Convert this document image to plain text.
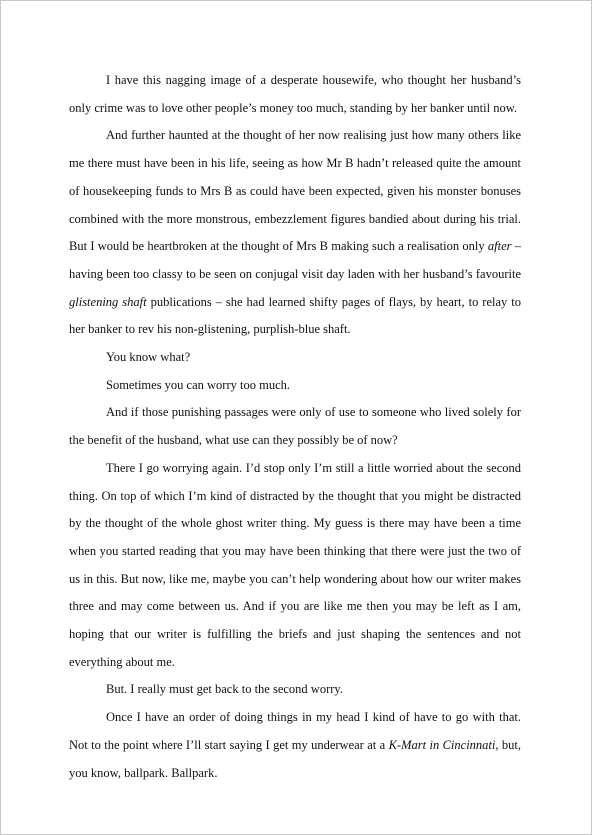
I have this nagging image of a desperate housewife, who thought her husband’s only crime was to love other people’s money too much, standing by her banker until now.

And further haunted at the thought of her now realising just how many others like me there must have been in his life, seeing as how Mr B hadn’t released quite the amount of housekeeping funds to Mrs B as could have been expected, given his monster bonuses combined with the more monstrous, embezzlement figures bandied about during his trial. But I would be heartbroken at the thought of Mrs B making such a realisation only after – having been too classy to be seen on conjugal visit day laden with her husband’s favourite glistening shaft publications – she had learned shifty pages of flays, by heart, to relay to her banker to rev his non-glistening, purplish-blue shaft.

You know what?

Sometimes you can worry too much.

And if those punishing passages were only of use to someone who lived solely for the benefit of the husband, what use can they possibly be of now?

There I go worrying again. I’d stop only I’m still a little worried about the second thing. On top of which I’m kind of distracted by the thought that you might be distracted by the thought of the whole ghost writer thing. My guess is there may have been a time when you started reading that you may have been thinking that there were just the two of us in this. But now, like me, maybe you can’t help wondering about how our writer makes three and may come between us. And if you are like me then you may be left as I am, hoping that our writer is fulfilling the briefs and just shaping the sentences and not everything about me.

But. I really must get back to the second worry.

Once I have an order of doing things in my head I kind of have to go with that. Not to the point where I’ll start saying I get my underwear at a K-Mart in Cincinnati, but, you know, ballpark. Ballpark.
